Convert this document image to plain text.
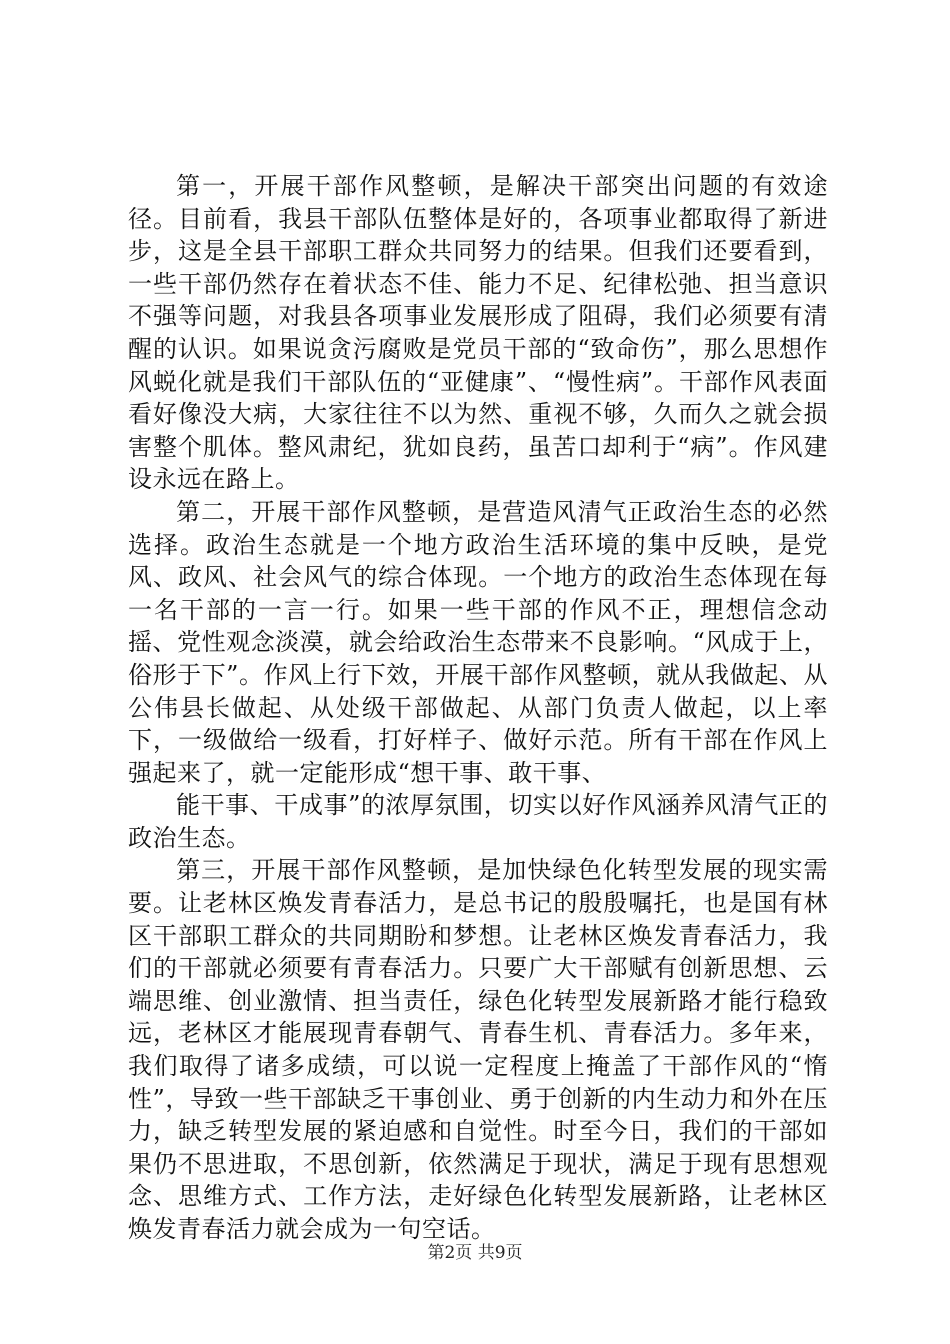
第一，开展干部作风整顿，是解决干部突出问题的有效途径。目前看，我县干部队伍整体是好的，各项事业都取得了新进步，这是全县干部职工群众共同努力的结果。但我们还要看到，一些干部仍然存在着状态不佳、能力不足、纪律松弛、担当意识不强等问题，对我县各项事业发展形成了阻碍，我们必须要有清醒的认识。如果说贪污腐败是党员干部的“致命伤”，那么思想作风蜕化就是我们干部队伍的“亚健康”、“慢性病”。干部作风表面看好像没大病，大家往往不以为然、重视不够，久而久之就会损害整个肌体。整风肃纪，犹如良药，虽苦口却利于“病”。作风建设永远在路上。

第二，开展干部作风整顿，是营造风清气正政治生态的必然选择。政治生态就是一个地方政治生活环境的集中反映，是党风、政风、社会风气的综合体现。一个地方的政治生态体现在每一名干部的一言一行。如果一些干部的作风不正，理想信念动摇、党性观念淡漠，就会给政治生态带来不良影响。“风成于上，俗形于下”。作风上行下效，开展干部作风整顿，就从我做起、从公伟县长做起、从处级干部做起、从部门负责人做起，以上率下，一级做给一级看，打好样子、做好示范。所有干部在作风上强起来了，就一定能形成“想干事、敢干事、

能干事、干成事”的浓厚氛围，切实以好作风涵养风清气正的政治生态。

第三，开展干部作风整顿，是加快绿色化转型发展的现实需要。让老林区焕发青春活力，是总书记的殷殷嘱托，也是国有林区干部职工群众的共同期盼和梦想。让老林区焕发青春活力，我们的干部就必须要有青春活力。只要广大干部赋有创新思想、云端思维、创业激情、担当责任，绿色化转型发展新路才能行稳致远，老林区才能展现青春朝气、青春生机、青春活力。多年来，我们取得了诸多成绩，可以说一定程度上掩盖了干部作风的“惰性”，导致一些干部缺乏干事创业、勇于创新的内生动力和外在压力，缺乏转型发展的紧迫感和自觉性。时至今日，我们的干部如果仍不思进取，不思创新，依然满足于现状，满足于现有思想观念、思维方式、工作方法，走好绿色化转型发展新路，让老林区焕发青春活力就会成为一句空话。

第2页 共9页
